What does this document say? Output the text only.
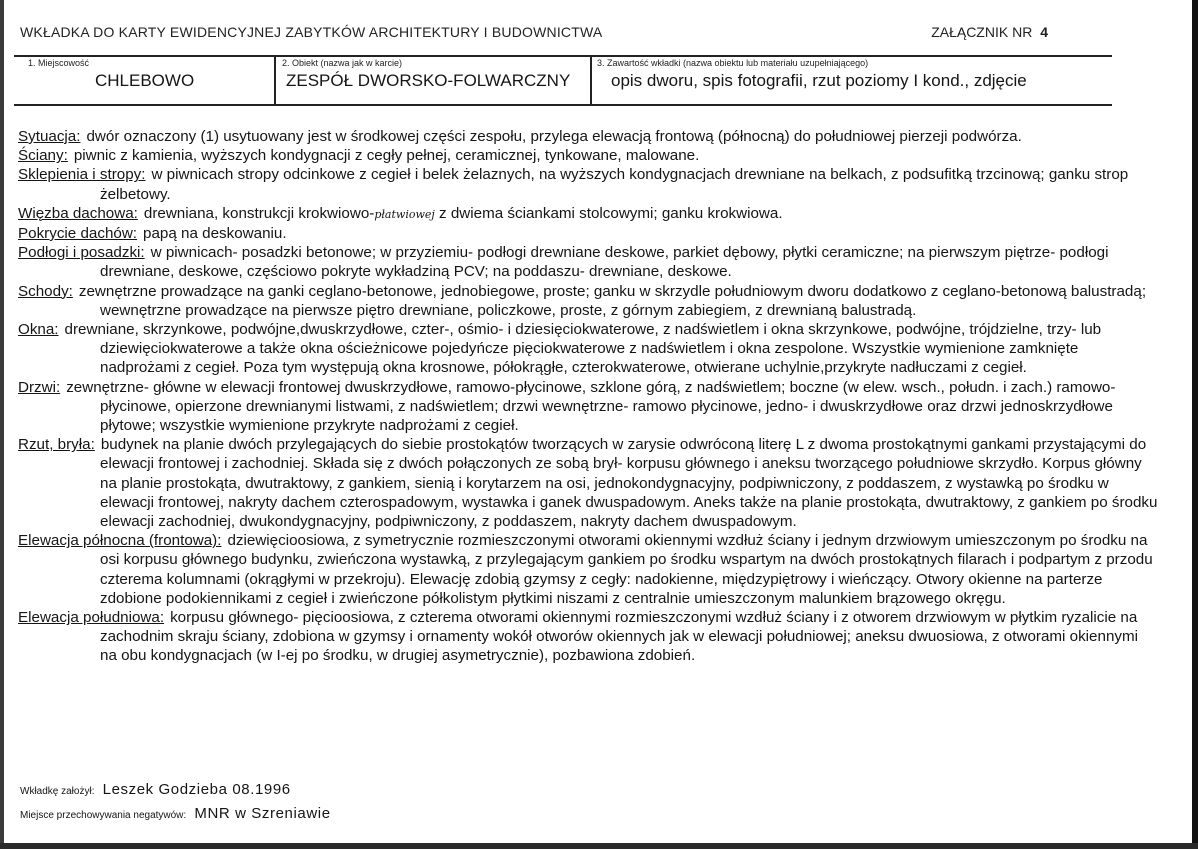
WKŁADKA DO KARTY EWIDENCYJNEJ ZABYTKÓW ARCHITEKTURY I BUDOWNICTWA	ZAŁĄCZNIK NR 4
1. Miejscowość
CHLEBOWO
2. Obiekt (nazwa jak w karcie)
ZESPÓŁ DWORSKO-FOLWARCZNY
3. Zawartość wkładki (nazwa obiektu lub materiału uzupełniającego)
opis dworu, spis fotografii, rzut poziomy I kond., zdjęcie

Sytuacja: dwór oznaczony (1) usytuowany jest w środkowej części zespołu, przylega elewacją frontową (północną) do południowej pierzeji podwórza.

Ściany: piwnic z kamienia, wyższych kondygnacji z cegły pełnej, ceramicznej, tynkowane, malowane.

Sklepienia i stropy: w piwnicach stropy odcinkowe z cegieł i belek żelaznych, na wyższych kondygnacjach drewniane na belkach, z podsufitką trzcinową; ganku strop żelbetowy.

Więzba dachowa: drewniana, konstrukcji krokwiowo-płatwiowej z dwiema ściankami stolcowymi; ganku krokwiowa.

Pokrycie dachów: papą na deskowaniu.

Podłogi i posadzki: w piwnicach- posadzki betonowe; w przyziemiu- podłogi drewniane deskowe, parkiet dębowy, płytki ceramiczne; na pierwszym piętrze- podłogi drewniane, deskowe, częściowo pokryte wykładziną PCV; na poddaszu- drewniane, deskowe.

Schody: zewnętrzne prowadzące na ganki ceglano-betonowe, jednobiegowe, proste; ganku w skrzydle południowym dworu dodatkowo z ceglano-betonową balustradą; wewnętrzne prowadzące na pierwsze piętro drewniane, policzkowe, proste, z górnym zabiegiem, z drewnianą balustradą.

Okna: drewniane, skrzynkowe, podwójne,dwuskrzydłowe, czter-, ośmio- i dziesięciokwaterowe, z nadświetlem i okna skrzynkowe, podwójne, trójdzielne, trzy- lub dziewięciokwaterowe a także okna ościeżnicowe pojedyńcze pięciokwaterowe z nadświetlem i okna zespolone. Wszystkie wymienione zamknięte nadprożami z cegieł. Poza tym występują okna krosnowe, półokrągłe, czterokwaterowe, otwierane uchylnie,przykryte nadłuczami z cegieł.

Drzwi: zewnętrzne- główne w elewacji frontowej dwuskrzydłowe, ramowo-płycinowe, szklone górą, z nadświetlem; boczne (w elew. wsch., połudn. i zach.) ramowo-płycinowe, opierzone drewnianymi listwami, z nadświetlem; drzwi wewnętrzne- ramowo płycinowe, jedno- i dwuskrzydłowe oraz drzwi jednoskrzydłowe płytowe; wszystkie wymienione przykryte nadprożami z cegieł.

Rzut, bryła: budynek na planie dwóch przylegających do siebie prostokątów tworzących w zarysie odwróconą literę L z dwoma prostokątnymi gankami przystającymi do elewacji frontowej i zachodniej. Składa się z dwóch połączonych ze sobą brył- korpusu głównego i aneksu tworzącego południowe skrzydło. Korpus główny na planie prostokąta, dwutraktowy, z gankiem, sienią i korytarzem na osi, jednokondygnacyjny, podpiwniczony, z poddaszem, z wystawką po środku w elewacji frontowej, nakryty dachem czterospadowym, wystawka i ganek dwuspadowym. Aneks także na planie prostokąta, dwutraktowy, z gankiem po środku elewacji zachodniej, dwukondygnacyjny, podpiwniczony, z poddaszem, nakryty dachem dwuspadowym.

Elewacja północna (frontowa): dziewięcioosiowa, z symetrycznie rozmieszczonymi otworami okiennymi wzdłuż ściany i jednym drzwiowym umieszczonym po środku na osi korpusu głównego budynku, zwieńczona wystawką, z przylegającym gankiem po środku wspartym na dwóch prostokątnych filarach i podpartym z przodu czterema kolumnami (okrągłymi w przekroju). Elewację zdobią gzymsy z cegły: nadokienne, międzypiętrowy i wieńczący. Otwory okienne na parterze zdobione podokiennikami z cegieł i zwieńczone półkolistym płytkimi niszami z centralnie umieszczonym malunkiem brązowego okręgu.

Elewacja południowa: korpusu głównego- pięcioosiowa, z czterema otworami okiennymi rozmieszczonymi wzdłuż ściany i z otworem drzwiowym w płytkim ryzalicie na zachodnim skraju ściany, zdobiona w gzymsy i ornamenty wokół otworów okiennych jak w elewacji południowej; aneksu dwuosiowa, z otworami okiennymi na obu kondygnacjach (w I-ej po środku, w drugiej asymetrycznie), pozbawiona zdobień.

Wkładkę założył: Leszek Godzieba 08.1996
Miejsce przechowywania negatywów: MNR w Szreniawie
